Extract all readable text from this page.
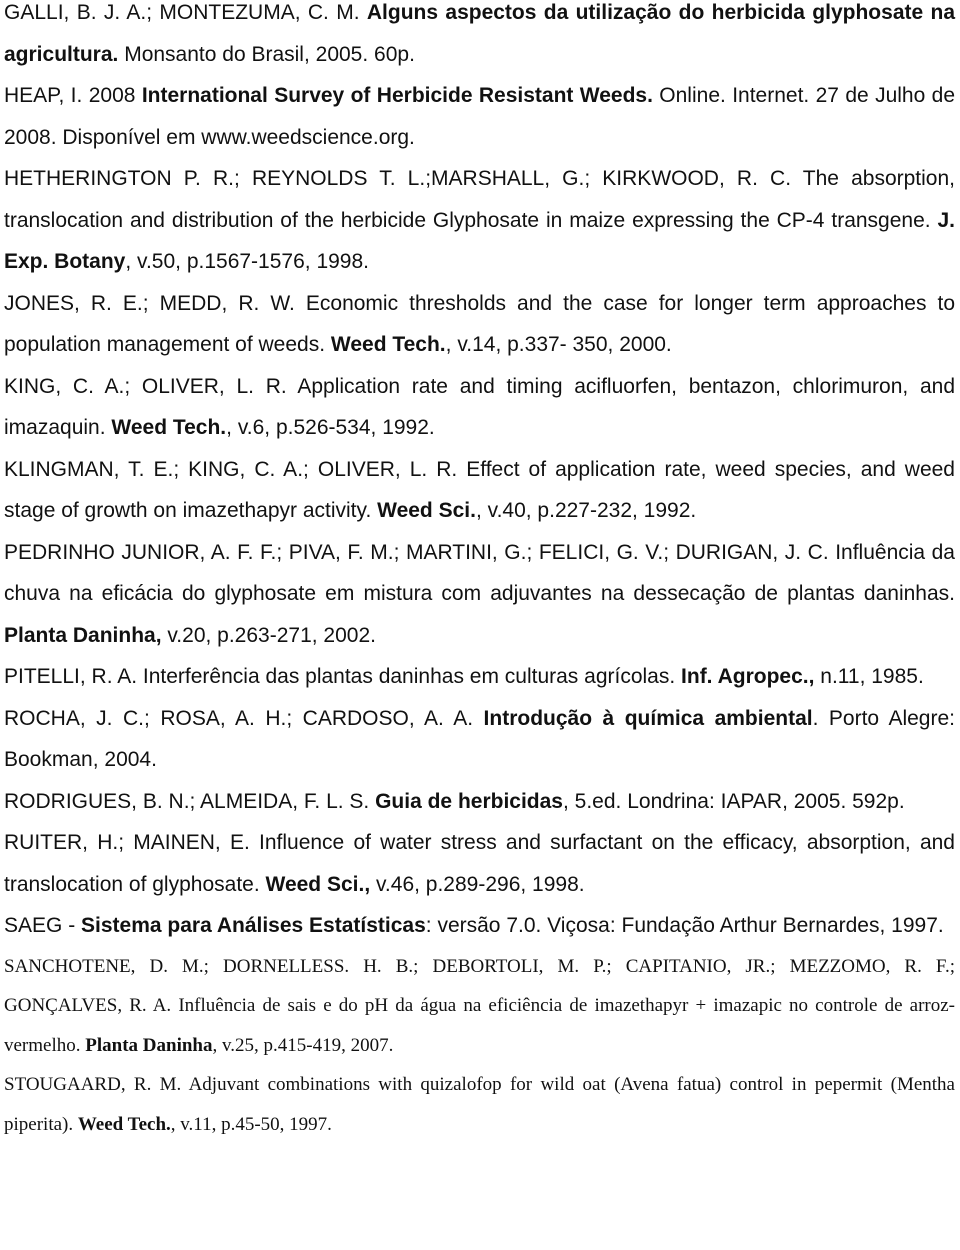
GALLI, B. J. A.; MONTEZUMA, C. M. Alguns aspectos da utilização do herbicida glyphosate na agricultura. Monsanto do Brasil, 2005. 60p.

HEAP, I. 2008 International Survey of Herbicide Resistant Weeds. Online. Internet. 27 de Julho de 2008. Disponível em www.weedscience.org.

HETHERINGTON P. R.; REYNOLDS T. L.;MARSHALL, G.; KIRKWOOD, R. C. The absorption, translocation and distribution of the herbicide Glyphosate in maize expressing the CP-4 transgene. J. Exp. Botany, v.50, p.1567-1576, 1998.

JONES, R. E.; MEDD, R. W. Economic thresholds and the case for longer term approaches to population management of weeds. Weed Tech., v.14, p.337- 350, 2000.

KING, C. A.; OLIVER, L. R. Application rate and timing acifluorfen, bentazon, chlorimuron, and imazaquin. Weed Tech., v.6, p.526-534, 1992.

KLINGMAN, T. E.; KING, C. A.; OLIVER, L. R. Effect of application rate, weed species, and weed stage of growth on imazethapyr activity. Weed Sci., v.40, p.227-232, 1992.

PEDRINHO JUNIOR, A. F. F.; PIVA, F. M.; MARTINI, G.; FELICI, G. V.; DURIGAN, J. C. Influência da chuva na eficácia do glyphosate em mistura com adjuvantes na dessecação de plantas daninhas. Planta Daninha, v.20, p.263-271, 2002.

PITELLI, R. A. Interferência das plantas daninhas em culturas agrícolas. Inf. Agropec., n.11, 1985.

ROCHA, J. C.; ROSA, A. H.; CARDOSO, A. A. Introdução à química ambiental. Porto Alegre: Bookman, 2004.

RODRIGUES, B. N.; ALMEIDA, F. L. S. Guia de herbicidas, 5.ed. Londrina: IAPAR, 2005. 592p.

RUITER, H.; MAINEN, E. Influence of water stress and surfactant on the efficacy, absorption, and translocation of glyphosate. Weed Sci., v.46, p.289-296, 1998.

SAEG - Sistema para Análises Estatísticas: versão 7.0. Viçosa: Fundação Arthur Bernardes, 1997.

SANCHOTENE, D. M.; DORNELLESS. H. B.; DEBORTOLI, M. P.; CAPITANIO, JR.; MEZZOMO, R. F.; GONÇALVES, R. A. Influência de sais e do pH da água na eficiência de imazethapyr + imazapic no controle de arroz-vermelho. Planta Daninha, v.25, p.415-419, 2007.

STOUGAARD, R. M. Adjuvant combinations with quizalofop for wild oat (Avena fatua) control in pepermit (Mentha piperita). Weed Tech., v.11, p.45-50, 1997.
